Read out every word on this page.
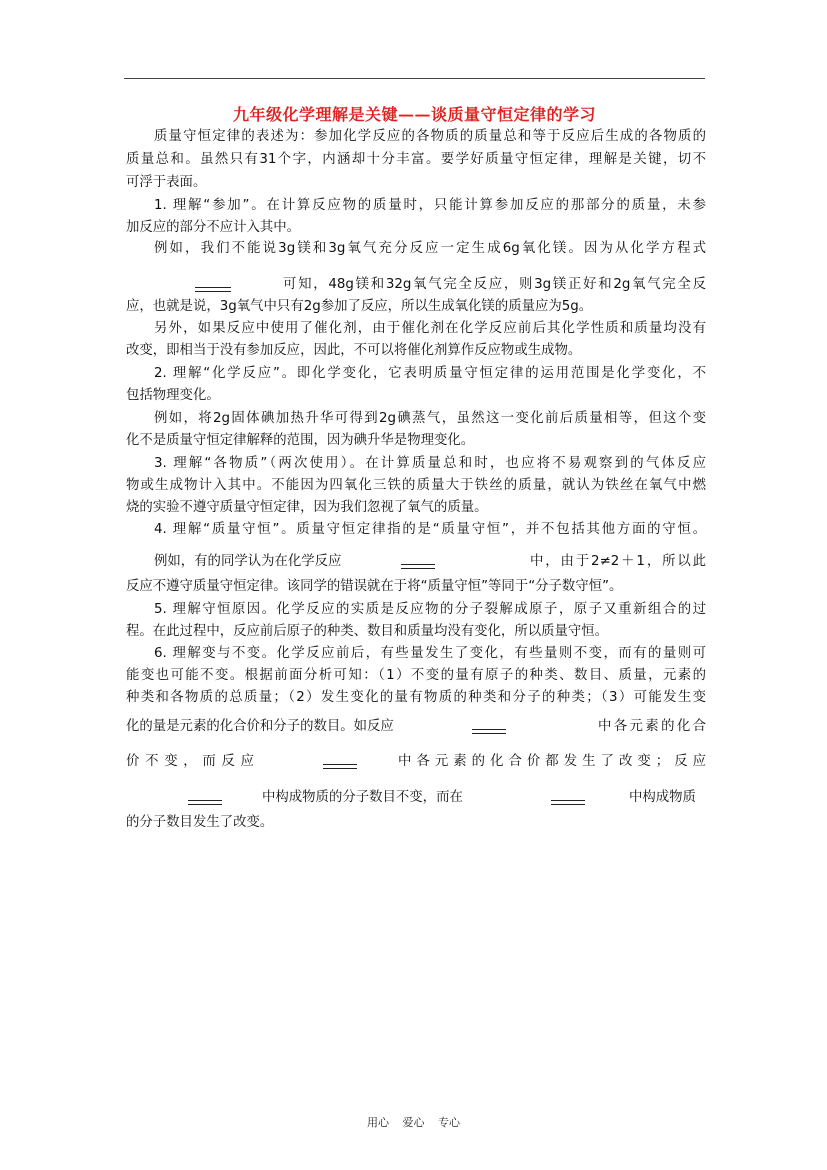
九年级化学理解是关键——谈质量守恒定律的学习
质量守恒定律的表述为：参加化学反应的各物质的质量总和等于反应后生成的各物质的
质量总和。虽然只有31个字，内涵却十分丰富。要学好质量守恒定律，理解是关键，切不
可浮于表面。
1. 理解“参加”。在计算反应物的质量时，只能计算参加反应的那部分的质量，未参
加反应的部分不应计入其中。
例如，我们不能说3g镁和3g氧气充分反应一定生成6g氧化镁。因为从化学方程式
可知，48g镁和32g氧气完全反应，则3g镁正好和2g氧气完全反
应，也就是说，3g氧气中只有2g参加了反应，所以生成氧化镁的质量应为5g。
另外，如果反应中使用了催化剂，由于催化剂在化学反应前后其化学性质和质量均没有
改变，即相当于没有参加反应，因此，不可以将催化剂算作反应物或生成物。
2. 理解“化学反应”。即化学变化，它表明质量守恒定律的运用范围是化学变化，不
包括物理变化。
例如，将2g固体碘加热升华可得到2g碘蒸气，虽然这一变化前后质量相等，但这个变
化不是质量守恒定律解释的范围，因为碘升华是物理变化。
3. 理解“各物质”（两次使用）。在计算质量总和时，也应将不易观察到的气体反应
物或生成物计入其中。不能因为四氧化三铁的质量大于铁丝的质量，就认为铁丝在氧气中燃
烧的实验不遵守质量守恒定律，因为我们忽视了氧气的质量。
4. 理解“质量守恒”。质量守恒定律指的是“质量守恒”，并不包括其他方面的守恒。
例如，有的同学认为在化学反应	中，由于2≠2＋1，所以此
反应不遵守质量守恒定律。该同学的错误就在于将“质量守恒”等同于“分子数守恒”。
5. 理解守恒原因。化学反应的实质是反应物的分子裂解成原子，原子又重新组合的过
程。在此过程中，反应前后原子的种类、数目和质量均没有变化，所以质量守恒。
6. 理解变与不变。化学反应前后，有些量发生了变化，有些量则不变，而有的量则可
能变也可能不变。根据前面分析可知：（1）不变的量有原子的种类、数目、质量，元素的
种类和各物质的总质量；（2）发生变化的量有物质的种类和分子的种类；（3）可能发生变
化的量是元素的化合价和分子的数目。如反应	中各元素的化合
价不变，而反应	中各元素的化合价都发生了改变；反应
中构成物质的分子数目不变，而在	中构成物质
的分子数目发生了改变。
用心 爱心 专心
